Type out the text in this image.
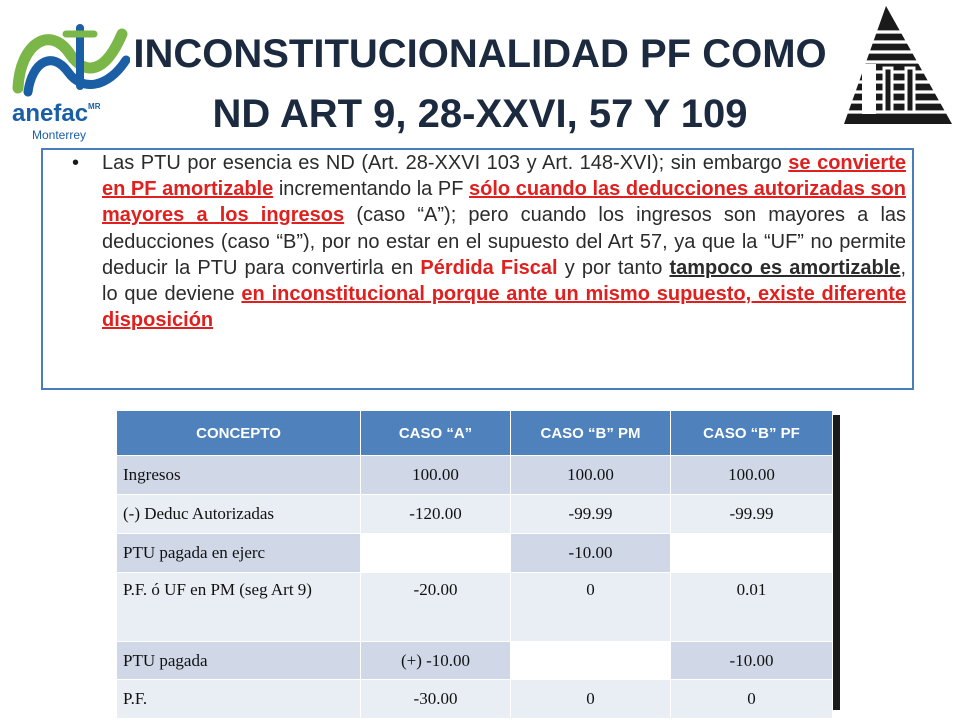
anefac$^{MR}$
Monterrey
INCONSTITUCIONALIDAD PF COMO
ND ART 9, 28-XXVI, 57 Y 109
• Las PTU por esencia es ND (Art. 28-XXVI 103 y Art. 148-XVI); sin embargo se convierte en PF amortizable incrementando la PF sólo cuando las deducciones autorizadas son mayores a los ingresos (caso “A”); pero cuando los ingresos son mayores a las deducciones (caso “B”), por no estar en el supuesto del Art 57, ya que la “UF” no permite deducir la PTU para convertirla en Pérdida Fiscal y por tanto tampoco es amortizable, lo que deviene en inconstitucional porque ante un mismo supuesto, existe diferente disposición

CONCEPTO	CASO “A”	CASO “B” PM	CASO “B” PF
Ingresos	100.00	100.00	100.00
(-) Deduc Autorizadas	-120.00	-99.99	-99.99
PTU pagada en ejerc		-10.00	
P.F. ó UF en PM (seg Art 9)	-20.00	0	0.01
PTU pagada	(+) -10.00		-10.00
P.F.	-30.00	0	0
